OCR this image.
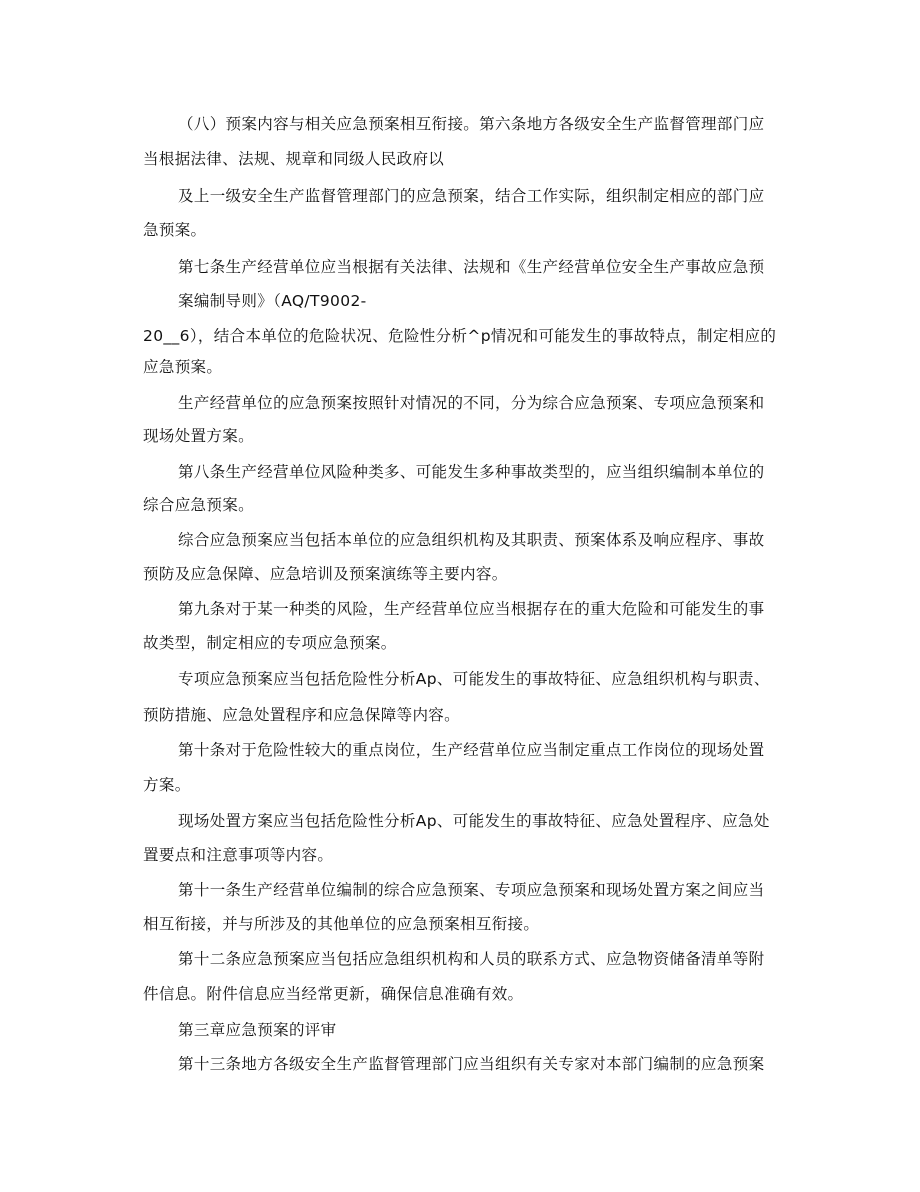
（八）预案内容与相关应急预案相互衔接。第六条地方各级安全生产监督管理部门应

当根据法律、法规、规章和同级人民政府以

及上一级安全生产监督管理部门的应急预案，结合工作实际，组织制定相应的部门应

急预案。

第七条生产经营单位应当根据有关法律、法规和《生产经营单位安全生产事故应急预

案编制导则》（AQ/T9002-

20__6），结合本单位的危险状况、危险性分析^p情况和可能发生的事故特点，制定相应的

应急预案。

生产经营单位的应急预案按照针对情况的不同，分为综合应急预案、专项应急预案和

现场处置方案。

第八条生产经营单位风险种类多、可能发生多种事故类型的，应当组织编制本单位的

综合应急预案。

综合应急预案应当包括本单位的应急组织机构及其职责、预案体系及响应程序、事故

预防及应急保障、应急培训及预案演练等主要内容。

第九条对于某一种类的风险，生产经营单位应当根据存在的重大危险和可能发生的事

故类型，制定相应的专项应急预案。

专项应急预案应当包括危险性分析Ap、可能发生的事故特征、应急组织机构与职责、

预防措施、应急处置程序和应急保障等内容。

第十条对于危险性较大的重点岗位，生产经营单位应当制定重点工作岗位的现场处置

方案。

现场处置方案应当包括危险性分析Ap、可能发生的事故特征、应急处置程序、应急处

置要点和注意事项等内容。

第十一条生产经营单位编制的综合应急预案、专项应急预案和现场处置方案之间应当

相互衔接，并与所涉及的其他单位的应急预案相互衔接。

第十二条应急预案应当包括应急组织机构和人员的联系方式、应急物资储备清单等附

件信息。附件信息应当经常更新，确保信息准确有效。

第三章应急预案的评审

第十三条地方各级安全生产监督管理部门应当组织有关专家对本部门编制的应急预案
